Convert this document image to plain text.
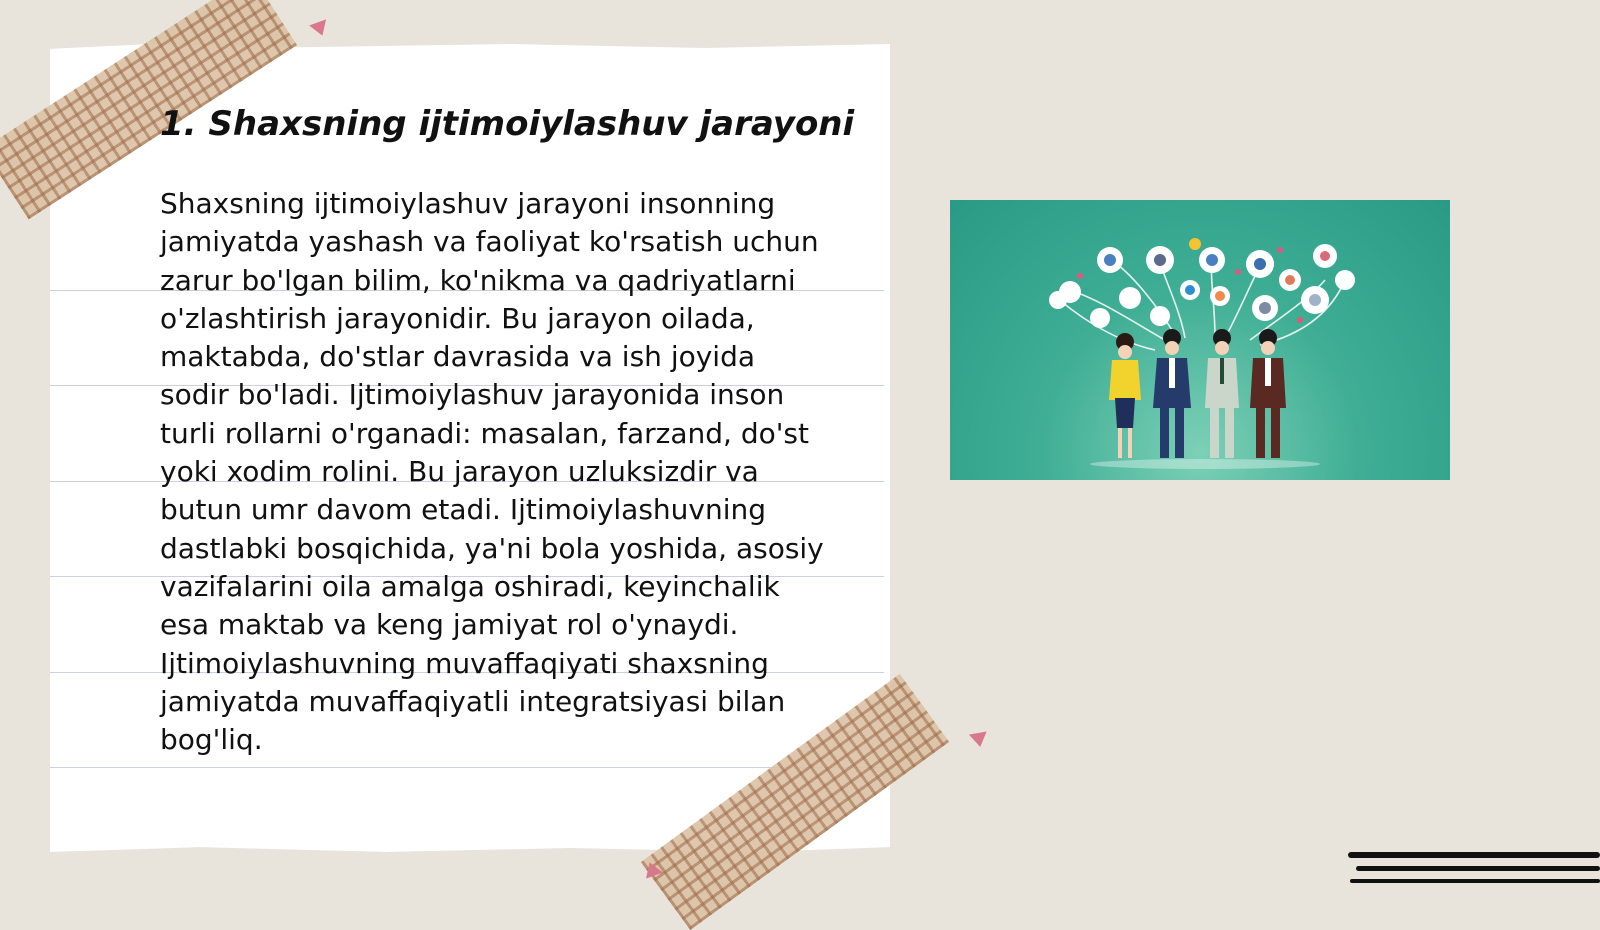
1. Shaxsning ijtimoiylashuv jarayoni

Shaxsning ijtimoiylashuv jarayoni insonning jamiyatda yashash va faoliyat ko'rsatish uchun zarur bo'lgan bilim, ko'nikma va qadriyatlarni o'zlashtirish jarayonidir. Bu jarayon oilada, maktabda, do'stlar davrasida va ish joyida sodir bo'ladi. Ijtimoiylashuv jarayonida inson turli rollarni o'rganadi: masalan, farzand, do'st yoki xodim rolini. Bu jarayon uzluksizdir va butun umr davom etadi. Ijtimoiylashuvning dastlabki bosqichida, ya'ni bola yoshida, asosiy vazifalarini oila amalga oshiradi, keyinchalik esa maktab va keng jamiyat rol o'ynaydi. Ijtimoiylashuvning muvaffaqiyati shaxsning jamiyatda muvaffaqiyatli integratsiyasi bilan bog'liq.
